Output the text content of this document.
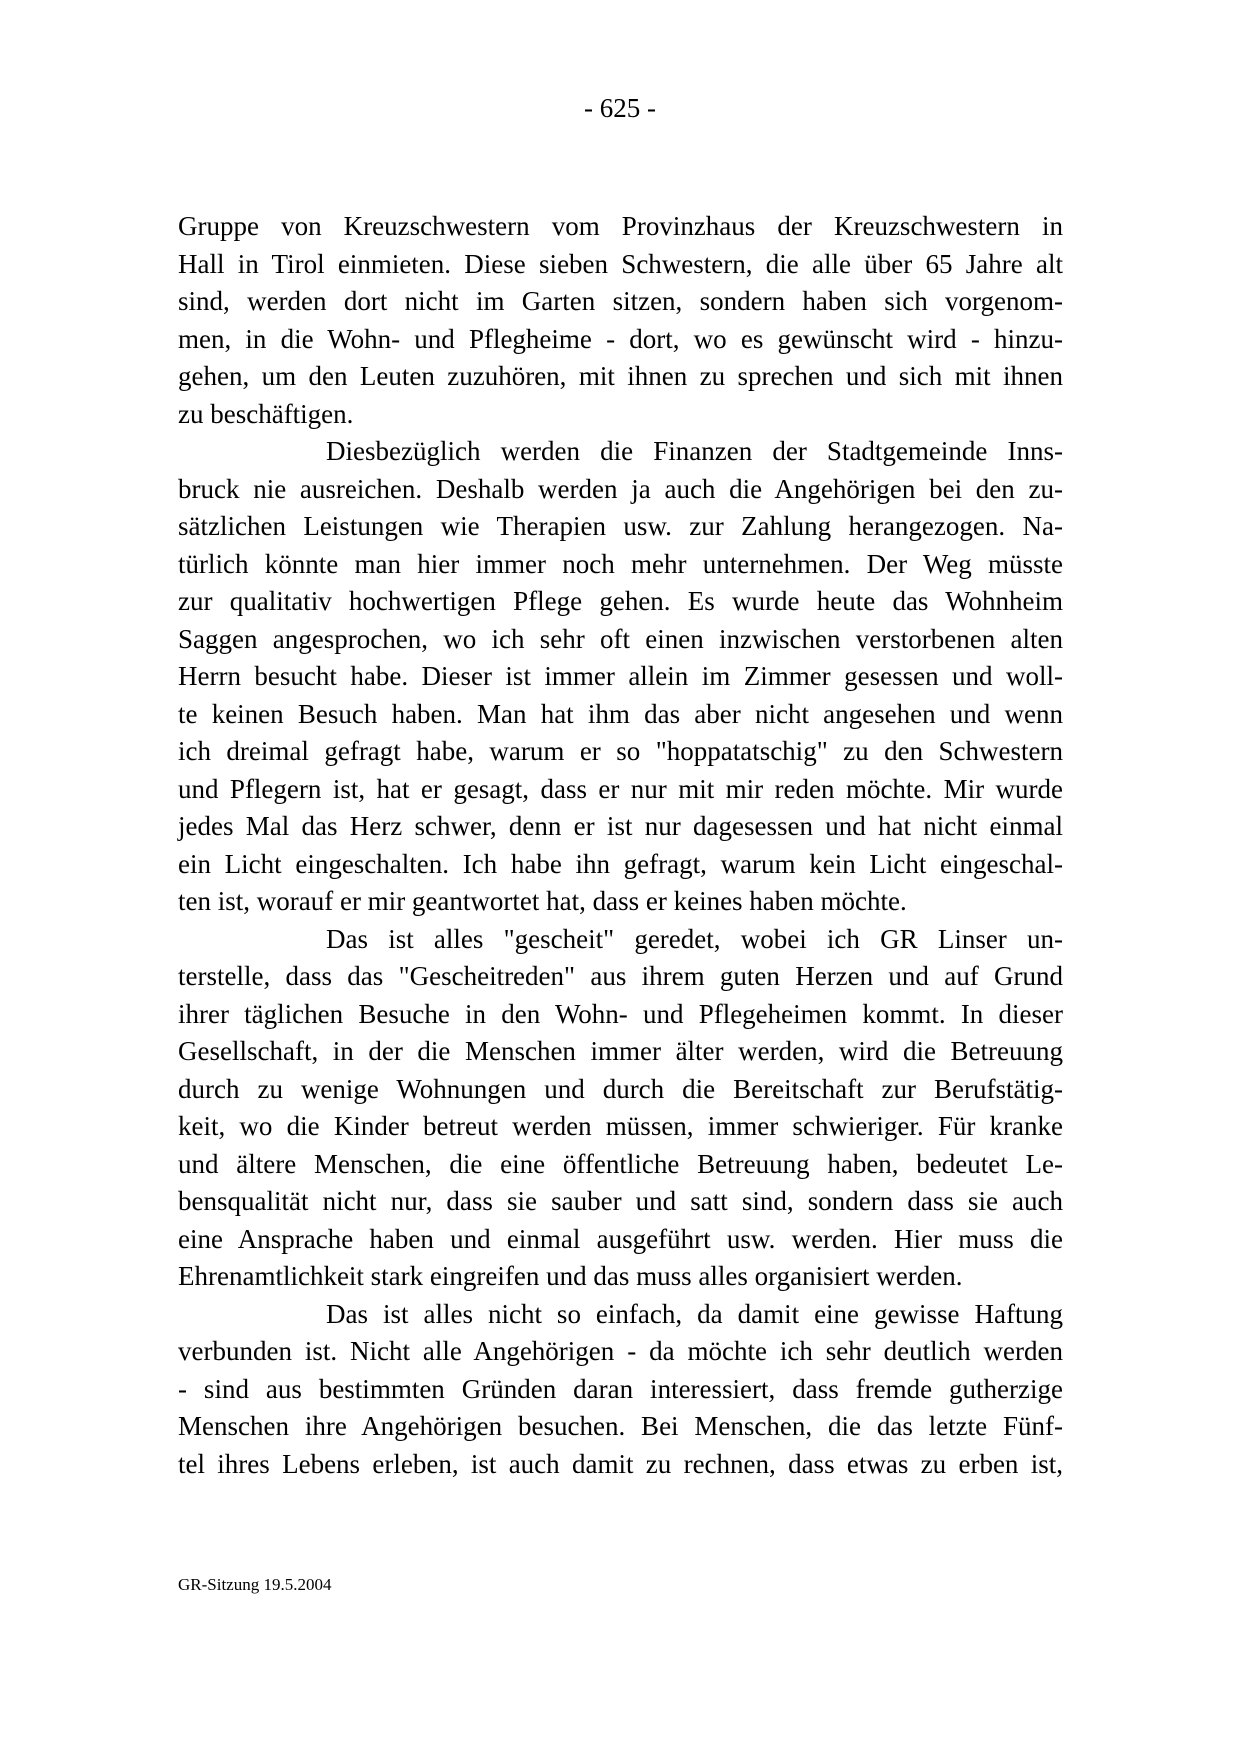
- 625 -
Gruppe von Kreuzschwestern vom Provinzhaus der Kreuzschwestern in
Hall in Tirol einmieten. Diese sieben Schwestern, die alle über 65 Jahre alt
sind, werden dort nicht im Garten sitzen, sondern haben sich vorgenom-
men, in die Wohn- und Pflegheime - dort, wo es gewünscht wird - hinzu-
gehen, um den Leuten zuzuhören, mit ihnen zu sprechen und sich mit ihnen
zu beschäftigen.
Diesbezüglich werden die Finanzen der Stadtgemeinde Inns-
bruck nie ausreichen. Deshalb werden ja auch die Angehörigen bei den zu-
sätzlichen Leistungen wie Therapien usw. zur Zahlung herangezogen. Na-
türlich könnte man hier immer noch mehr unternehmen. Der Weg müsste
zur qualitativ hochwertigen Pflege gehen. Es wurde heute das Wohnheim
Saggen angesprochen, wo ich sehr oft einen inzwischen verstorbenen alten
Herrn besucht habe. Dieser ist immer allein im Zimmer gesessen und woll-
te keinen Besuch haben. Man hat ihm das aber nicht angesehen und wenn
ich dreimal gefragt habe, warum er so "hoppatatschig" zu den Schwestern
und Pflegern ist, hat er gesagt, dass er nur mit mir reden möchte. Mir wurde
jedes Mal das Herz schwer, denn er ist nur dagesessen und hat nicht einmal
ein Licht eingeschalten. Ich habe ihn gefragt, warum kein Licht eingeschal-
ten ist, worauf er mir geantwortet hat, dass er keines haben möchte.
Das ist alles "gescheit" geredet, wobei ich GR Linser un-
terstelle, dass das "Gescheitreden" aus ihrem guten Herzen und auf Grund
ihrer täglichen Besuche in den Wohn- und Pflegeheimen kommt. In dieser
Gesellschaft, in der die Menschen immer älter werden, wird die Betreuung
durch zu wenige Wohnungen und durch die Bereitschaft zur Berufstätig-
keit, wo die Kinder betreut werden müssen, immer schwieriger. Für kranke
und ältere Menschen, die eine öffentliche Betreuung haben, bedeutet Le-
bensqualität nicht nur, dass sie sauber und satt sind, sondern dass sie auch
eine Ansprache haben und einmal ausgeführt usw. werden. Hier muss die
Ehrenamtlichkeit stark eingreifen und das muss alles organisiert werden.
Das ist alles nicht so einfach, da damit eine gewisse Haftung
verbunden ist. Nicht alle Angehörigen - da möchte ich sehr deutlich werden
- sind aus bestimmten Gründen daran interessiert, dass fremde gutherzige
Menschen ihre Angehörigen besuchen. Bei Menschen, die das letzte Fünf-
tel ihres Lebens erleben, ist auch damit zu rechnen, dass etwas zu erben ist,
GR-Sitzung 19.5.2004
